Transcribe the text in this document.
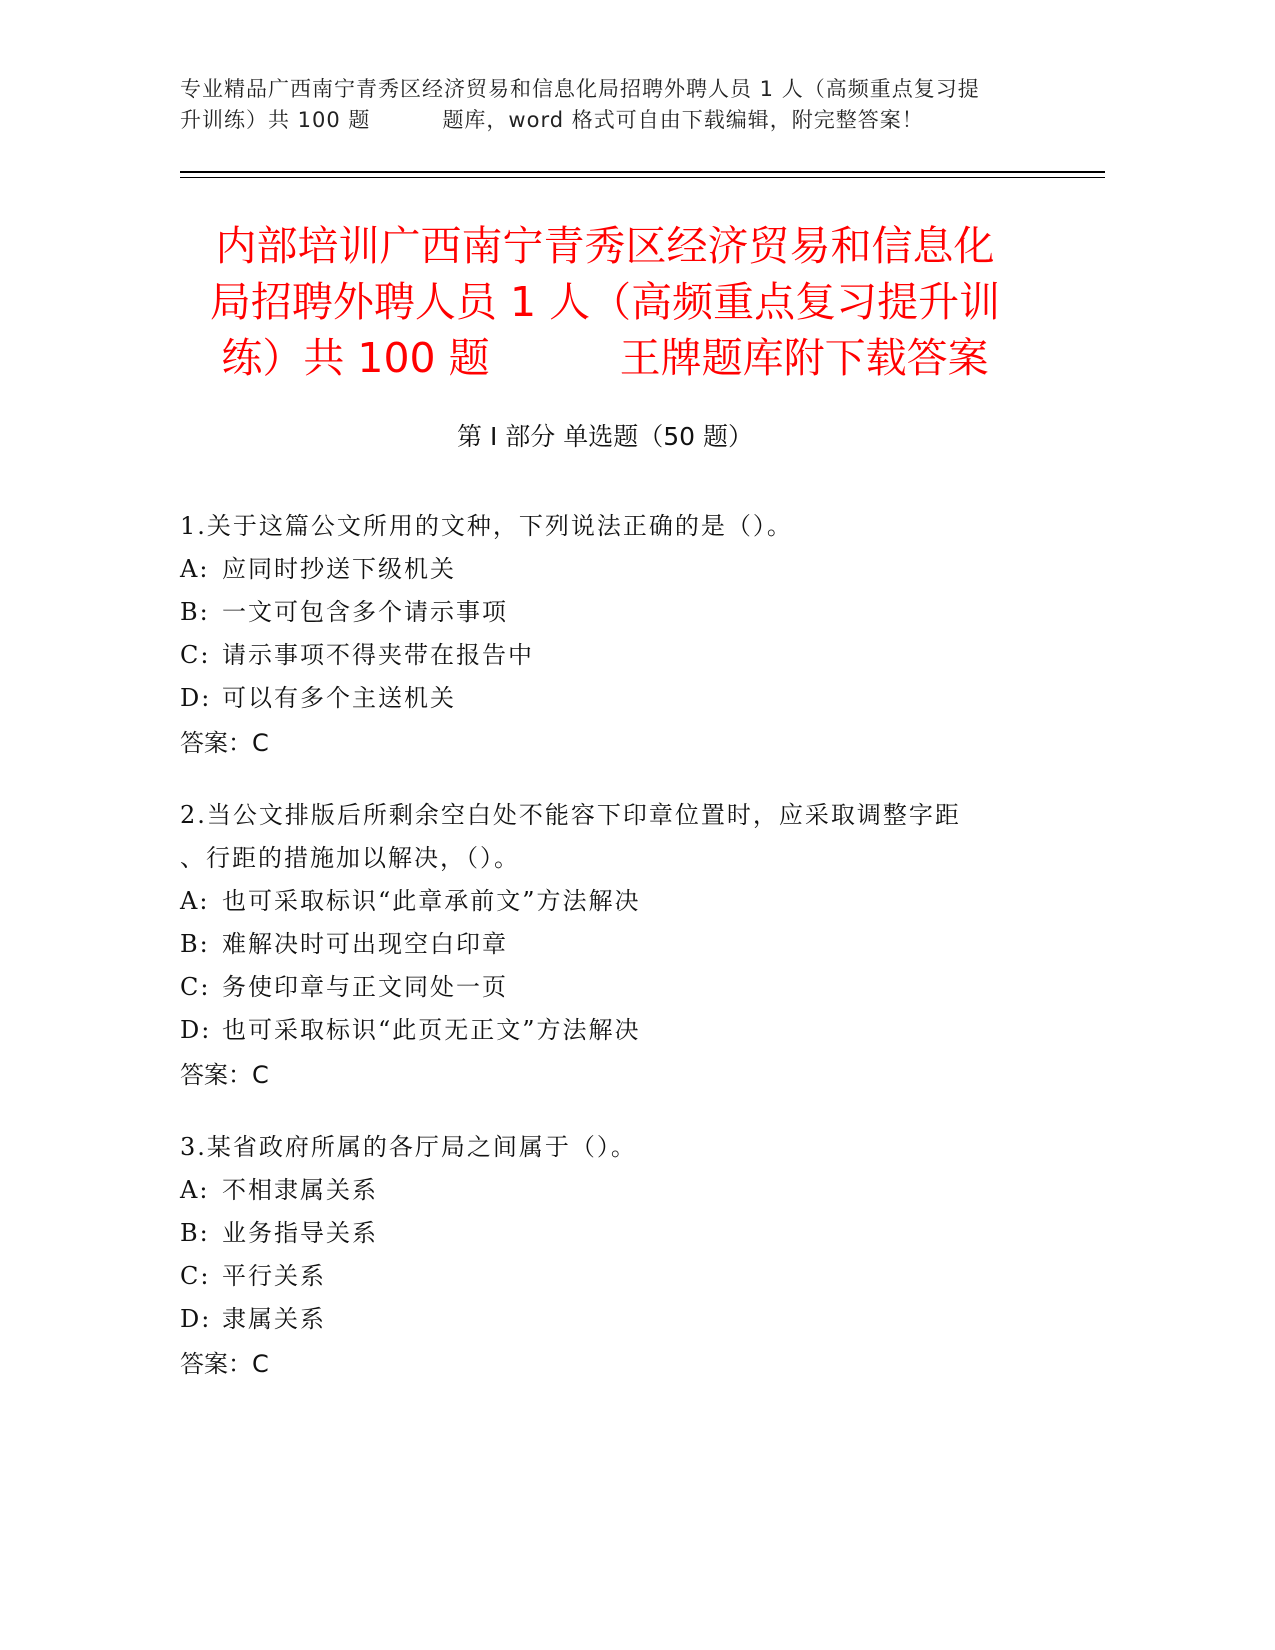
专业精品广西南宁青秀区经济贸易和信息化局招聘外聘人员 1 人（高频重点复习提
升训练）共 100 题	题库，word 格式可自由下载编辑，附完整答案！
内部培训广西南宁青秀区经济贸易和信息化
局招聘外聘人员 1 人（高频重点复习提升训
练）共 100 题	王牌题库附下载答案
第 I 部分 单选题（50 题）
1.关于这篇公文所用的文种，下列说法正确的是（）。
A: 应同时抄送下级机关
B: 一文可包含多个请示事项
C: 请示事项不得夹带在报告中
D: 可以有多个主送机关
答案：C
2.当公文排版后所剩余空白处不能容下印章位置时，应采取调整字距
、行距的措施加以解决，（）。
A: 也可采取标识“此章承前文”方法解决
B: 难解决时可出现空白印章
C: 务使印章与正文同处一页
D: 也可采取标识“此页无正文”方法解决
答案：C
3.某省政府所属的各厅局之间属于（）。
A: 不相隶属关系
B: 业务指导关系
C: 平行关系
D: 隶属关系
答案：C
